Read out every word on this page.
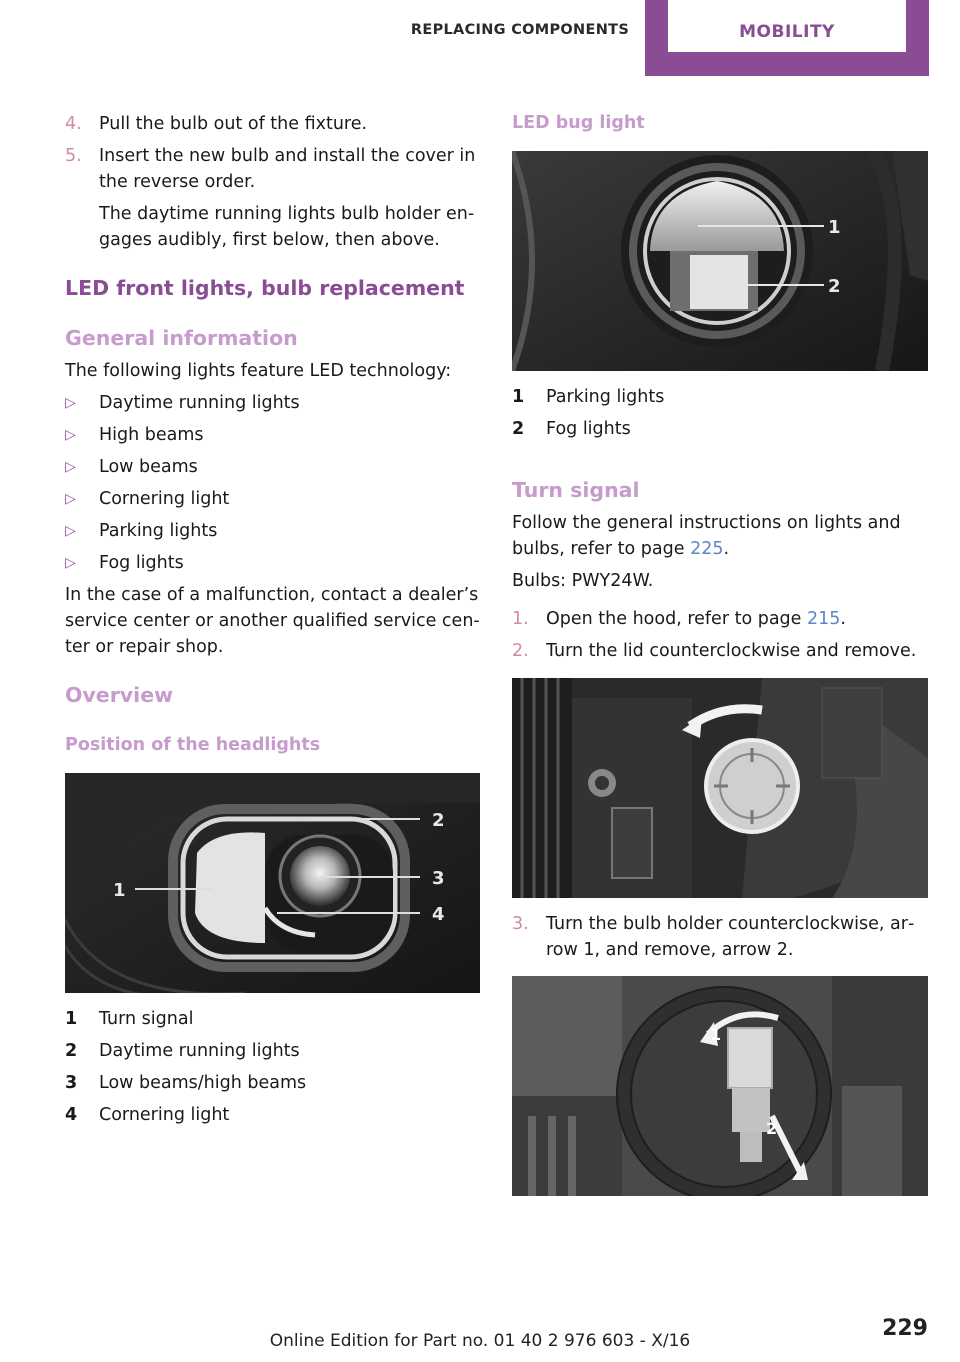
REPLACING COMPONENTS	MOBILITY
4. Pull the bulb out of the fixture.
5. Insert the new bulb and install the cover in
the reverse order.
The daytime running lights bulb holder en‐
gages audibly, first below, then above.
LED front lights, bulb replacement
General information
The following lights feature LED technology:
▷ Daytime running lights
▷ High beams
▷ Low beams
▷ Cornering light
▷ Parking lights
▷ Fog lights
In the case of a malfunction, contact a dealer’s
service center or another qualified service cen‐
ter or repair shop.
Overview
Position of the headlights
2
3
4
1
1 Turn signal
2 Daytime running lights
3 Low beams/high beams
4 Cornering light
LED bug light
1
2
1 Parking lights
2 Fog lights
Turn signal
Follow the general instructions on lights and
bulbs, refer to page 225.
Bulbs: PWY24W.
1. Open the hood, refer to page 215.
2. Turn the lid counterclockwise and remove.
3. Turn the bulb holder counterclockwise, ar‐
row 1, and remove, arrow 2.
1
2
229
Online Edition for Part no. 01 40 2 976 603 - X/16
